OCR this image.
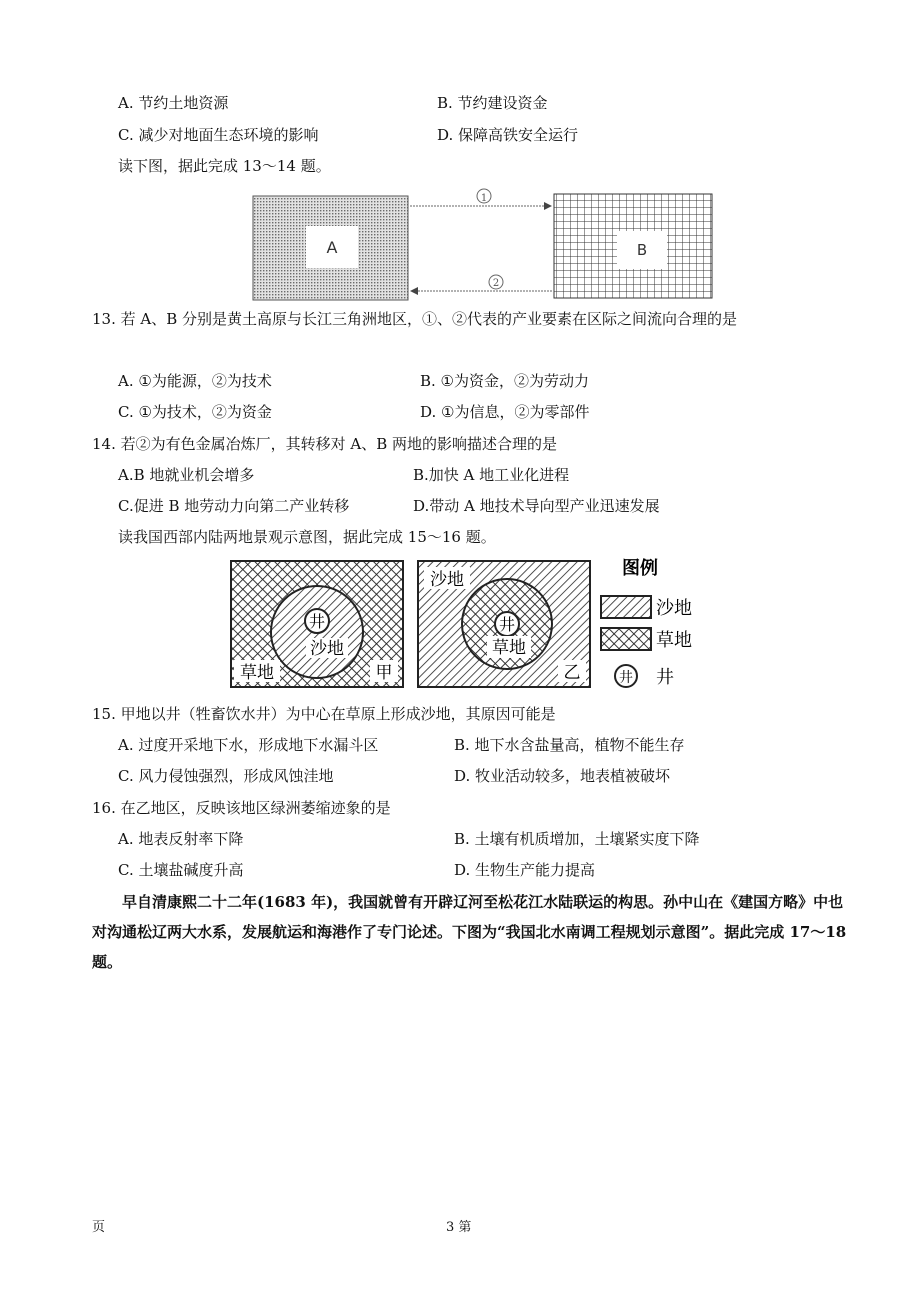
A. 节约土地资源	B. 节约建设资金
C. 减少对地面生态环境的影响	D. 保障高铁安全运行
读下图，据此完成 13～14 题。
A	B
1
2
13. 若 A、B 分别是黄土高原与长江三角洲地区，①、②代表的产业要素在区际之间流向合理的是
A. ①为能源，②为技术	B. ①为资金，②为劳动力
C. ①为技术，②为资金	D. ①为信息，②为零部件
14. 若②为有色金属冶炼厂，其转移对 A、B 两地的影响描述合理的是
A.B 地就业机会增多	B.加快 A 地工业化进程
C.促进 B 地劳动力向第二产业转移	D.带动 A 地技术导向型产业迅速发展
读我国西部内陆两地景观示意图，据此完成 15～16 题。
井
沙地
草地	甲
沙地
井
草地
乙
图例
沙地
草地
井 井
15. 甲地以井（牲畜饮水井）为中心在草原上形成沙地，其原因可能是
A. 过度开采地下水，形成地下水漏斗区	B. 地下水含盐量高，植物不能生存
C. 风力侵蚀强烈，形成风蚀洼地	D. 牧业活动较多，地表植被破坏
16. 在乙地区，反映该地区绿洲萎缩迹象的是
A. 地表反射率下降	B. 土壤有机质增加，土壤紧实度下降
C. 土壤盐碱度升高	D. 生物生产能力提高
早自清康熙二十二年(1683 年)，我国就曾有开辟辽河至松花江水陆联运的构思。孙中山在《建国方略》中也对沟通松辽两大水系，发展航运和海港作了专门论述。下图为“我国北水南调工程规划示意图”。据此完成 17～18 题。
页	3 第
